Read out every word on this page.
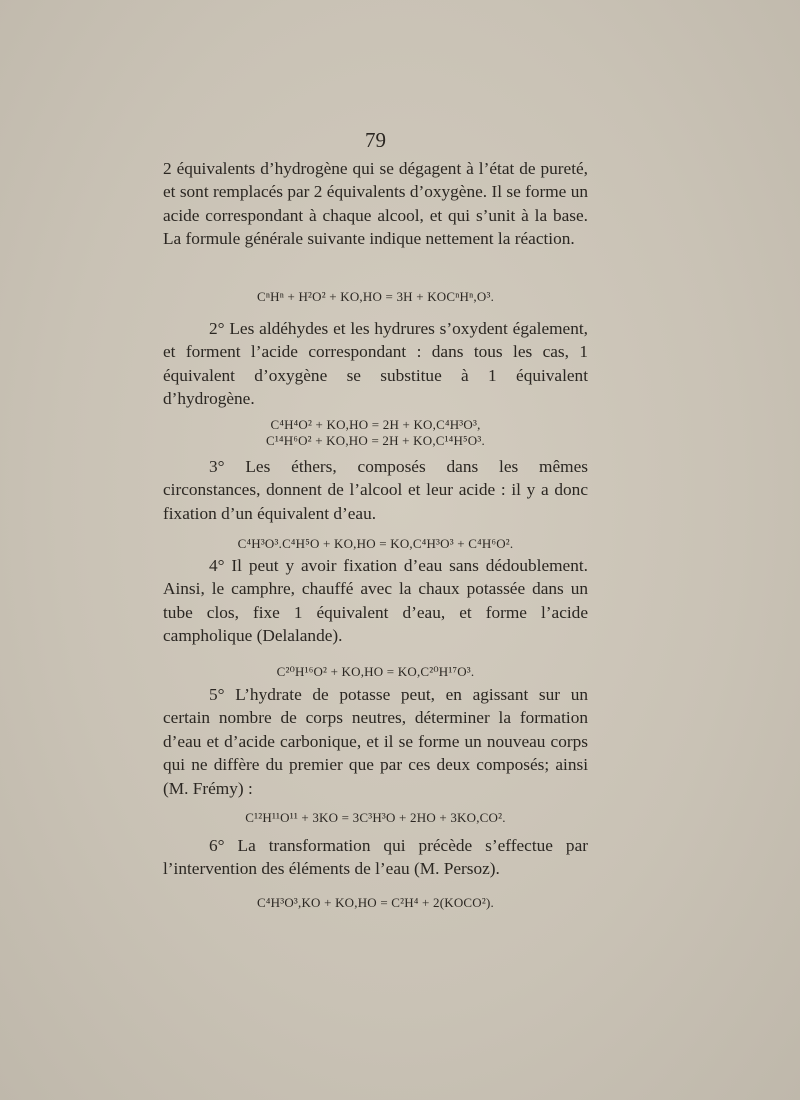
79
2 équivalents d’hydrogène qui se dégagent à l’état de pureté, et sont remplacés par 2 équivalents d’oxygène. Il se forme un acide correspondant à chaque alcool, et qui s’unit à la base. La formule générale suivante indique nettement la réaction.
CⁿHⁿ + H²O² + KO,HO = 3H + KOCⁿHⁿ,O³.
2° Les aldéhydes et les hydrures s’oxydent également, et forment l’acide correspondant : dans tous les cas, 1 équivalent d’oxygène se substitue à 1 équivalent d’hydrogène.
C⁴H⁴O² + KO,HO = 2H + KO,C⁴H³O³,
C¹⁴H⁶O² + KO,HO = 2H + KO,C¹⁴H⁵O³.
3° Les éthers, composés dans les mêmes circonstances, donnent de l’alcool et leur acide : il y a donc fixation d’un équivalent d’eau.
C⁴H³O³.C⁴H⁵O + KO,HO = KO,C⁴H³O³ + C⁴H⁶O².
4° Il peut y avoir fixation d’eau sans dédoublement. Ainsi, le camphre, chauffé avec la chaux potassée dans un tube clos, fixe 1 équivalent d’eau, et forme l’acide campholique (Delalande).
C²⁰H¹⁶O² + KO,HO = KO,C²⁰H¹⁷O³.
5° L’hydrate de potasse peut, en agissant sur un certain nombre de corps neutres, déterminer la formation d’eau et d’acide carbonique, et il se forme un nouveau corps qui ne diffère du premier que par ces deux composés; ainsi (M. Frémy) :
C¹²H¹¹O¹¹ + 3KO = 3C³H³O + 2HO + 3KO,CO².
6° La transformation qui précède s’effectue par l’intervention des éléments de l’eau (M. Persoz).
C⁴H³O³,KO + KO,HO = C²H⁴ + 2(KOCO²).
